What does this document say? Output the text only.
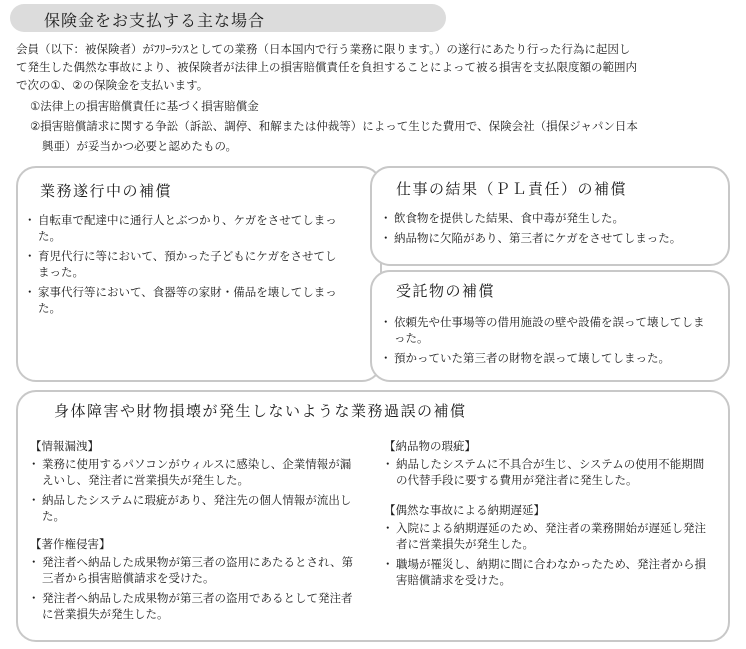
保険金をお支払する主な場合

会員（以下：被保険者）がﾌﾘｰﾗﾝｽとしての業務（日本国内で行う業務に限ります。）の遂行にあたり行った行為に起因し

て発生した偶然な事故により、被保険者が法律上の損害賠償責任を負担することによって被る損害を支払限度額の範囲内

で次の①、②の保険金を支払います。

①法律上の損害賠償責任に基づく損害賠償金

②損害賠償請求に関する争訟（訴訟、調停、和解または仲裁等）によって生じた費用で、保険会社（損保ジャパン日本

興亜）が妥当かつ必要と認めたもの。

業務遂行中の補償
・ 自転車で配達中に通行人とぶつかり、ケガをさせてしまった。
・ 育児代行に等において、預かった子どもにケガをさせてしまった。
・ 家事代行等において、食器等の家財・備品を壊してしまった。
仕事の結果（ＰＬ責任）の補償
・ 飲食物を提供した結果、食中毒が発生した。
・ 納品物に欠陥があり、第三者にケガをさせてしまった。
受託物の補償
・ 依頼先や仕事場等の借用施設の壁や設備を誤って壊してしまった。
・ 預かっていた第三者の財物を誤って壊してしまった。
身体障害や財物損壊が発生しないような業務過誤の補償

【情報漏洩】

・ 業務に使用するパソコンがウィルスに感染し、企業情報が漏えいし、発注者に営業損失が発生した。
・ 納品したシステムに瑕疵があり、発注先の個人情報が流出した。

【著作権侵害】

・ 発注者へ納品した成果物が第三者の盗用にあたるとされ、第三者から損害賠償請求を受けた。
・ 発注者へ納品した成果物が第三者の盗用であるとして発注者に営業損失が発生した。

【納品物の瑕疵】

・ 納品したシステムに不具合が生じ、システムの使用不能期間の代替手段に要する費用が発注者に発生した。

【偶然な事故による納期遅延】

・ 入院による納期遅延のため、発注者の業務開始が遅延し発注者に営業損失が発生した。
・ 職場が罹災し、納期に間に合わなかったため、発注者から損害賠償請求を受けた。
